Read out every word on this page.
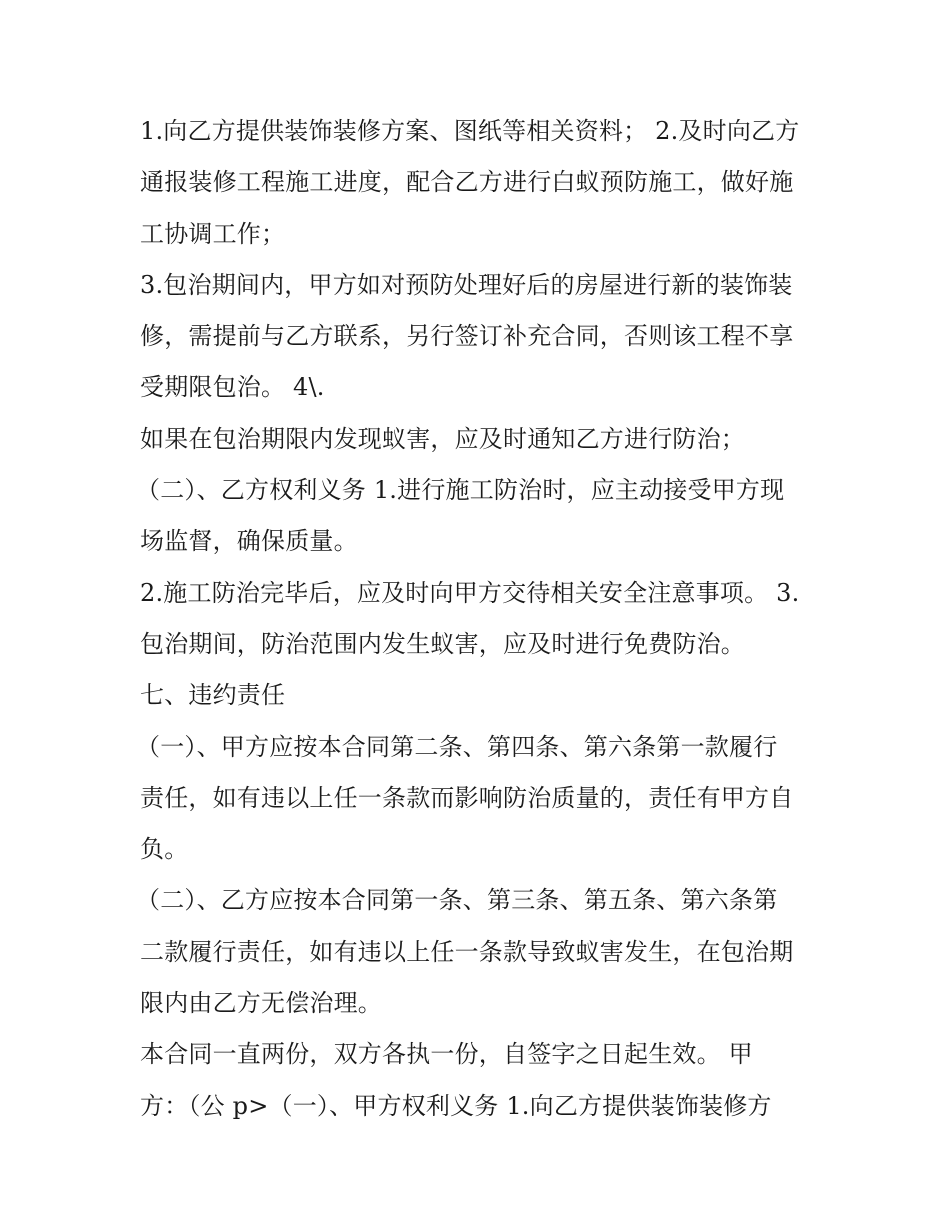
1.向乙方提供装饰装修方案、图纸等相关资料； 2.及时向乙方
通报装修工程施工进度，配合乙方进行白蚁预防施工，做好施
工协调工作；
3.包治期间内，甲方如对预防处理好后的房屋进行新的装饰装
修，需提前与乙方联系，另行签订补充合同，否则该工程不享
受期限包治。 4\.
如果在包治期限内发现蚁害，应及时通知乙方进行防治；
（二）、乙方权利义务 1.进行施工防治时，应主动接受甲方现
场监督，确保质量。
2.施工防治完毕后，应及时向甲方交待相关安全注意事项。 3.
包治期间，防治范围内发生蚁害，应及时进行免费防治。
七、违约责任
（一）、甲方应按本合同第二条、第四条、第六条第一款履行
责任，如有违以上任一条款而影响防治质量的，责任有甲方自
负。
（二）、乙方应按本合同第一条、第三条、第五条、第六条第
二款履行责任，如有违以上任一条款导致蚁害发生，在包治期
限内由乙方无偿治理。
本合同一直两份，双方各执一份，自签字之日起生效。 甲
方：（公 p>（一）、甲方权利义务 1.向乙方提供装饰装修方
